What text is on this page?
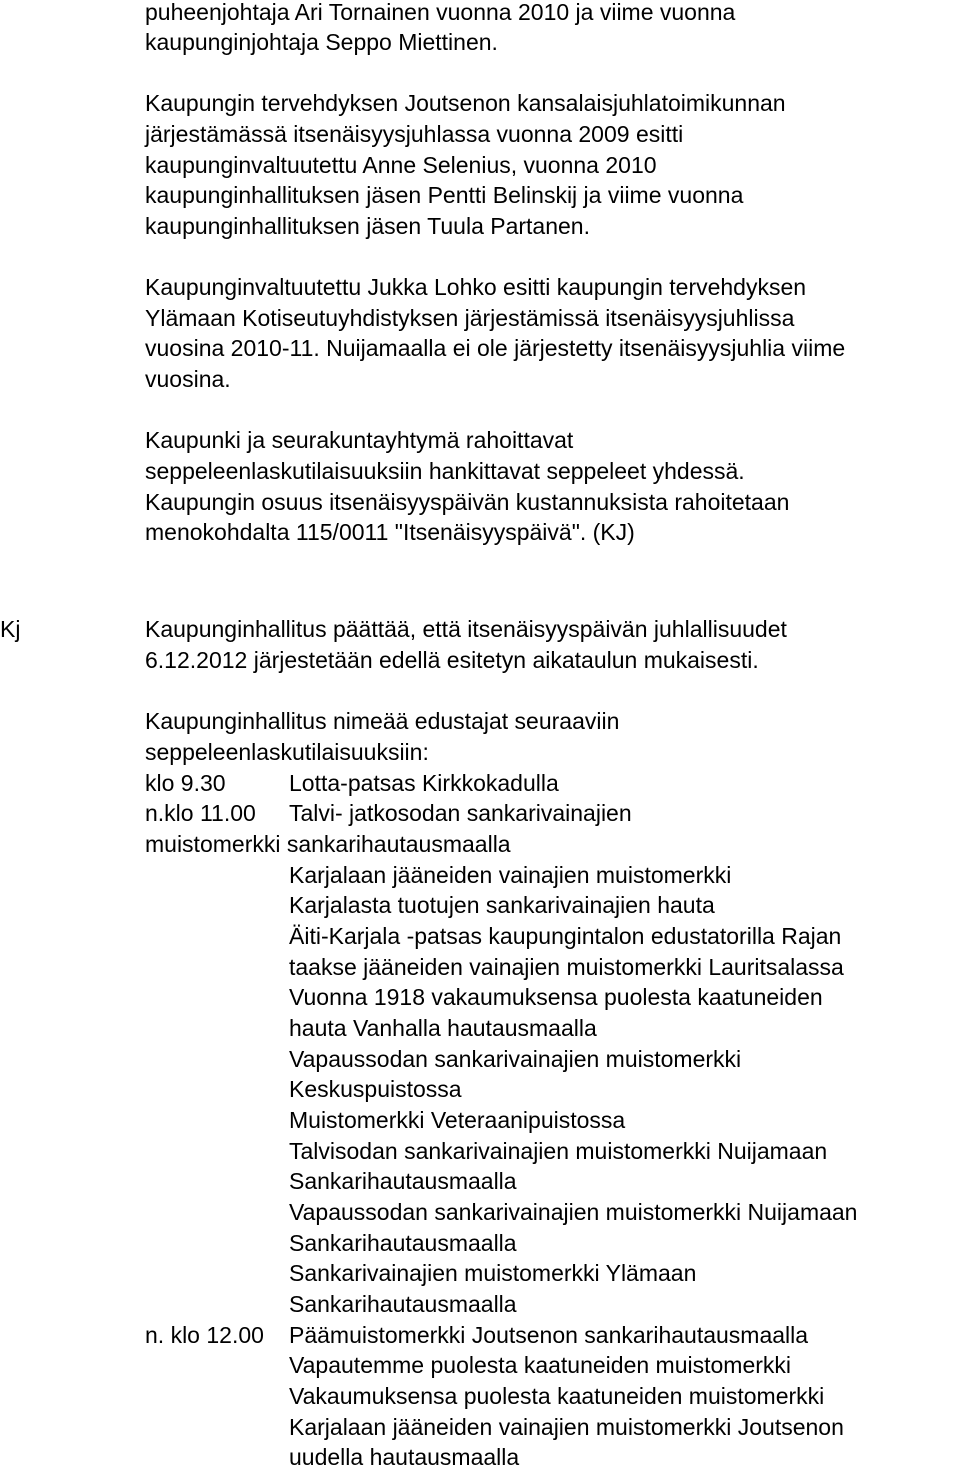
puheenjohtaja Ari Tornainen vuonna 2010 ja viime vuonna
kaupunginjohtaja Seppo Miettinen.
Kaupungin tervehdyksen Joutsenon kansalaisjuhlatoimikunnan
järjestämässä itsenäisyysjuhlassa vuonna 2009 esitti
kaupunginvaltuutettu Anne Selenius, vuonna 2010
kaupunginhallituksen jäsen Pentti Belinskij ja viime vuonna
kaupunginhallituksen jäsen Tuula Partanen.
Kaupunginvaltuutettu Jukka Lohko esitti kaupungin tervehdyksen
Ylämaan Kotiseutuyhdistyksen järjestämissä itsenäisyysjuhlissa
vuosina 2010-11. Nuijamaalla ei ole järjestetty itsenäisyysjuhlia viime
vuosina.
Kaupunki ja seurakuntayhtymä rahoittavat
seppeleenlaskutilaisuuksiin hankittavat seppeleet yhdessä.
Kaupungin osuus itsenäisyyspäivän kustannuksista rahoitetaan
menokohdalta 115/0011 "Itsenäisyyspäivä". (KJ)
Kj	Kaupunginhallitus päättää, että itsenäisyyspäivän juhlallisuudet
6.12.2012 järjestetään edellä esitetyn aikataulun mukaisesti.
Kaupunginhallitus nimeää edustajat seuraaviin
seppeleenlaskutilaisuuksiin:
klo 9.30	Lotta-patsas Kirkkokadulla
n.klo 11.00 Talvi- jatkosodan sankarivainajien
muistomerkki sankarihautausmaalla
Karjalaan jääneiden vainajien muistomerkki
Karjalasta tuotujen sankarivainajien hauta
Äiti-Karjala -patsas kaupungintalon edustatorilla Rajan
taakse jääneiden vainajien muistomerkki Lauritsalassa
Vuonna 1918 vakaumuksensa puolesta kaatuneiden
hauta Vanhalla hautausmaalla
Vapaussodan sankarivainajien muistomerkki
Keskuspuistossa
Muistomerkki Veteraanipuistossa
Talvisodan sankarivainajien muistomerkki Nuijamaan
Sankarihautausmaalla
Vapaussodan sankarivainajien muistomerkki Nuijamaan
Sankarihautausmaalla
Sankarivainajien muistomerkki Ylämaan
Sankarihautausmaalla
n. klo 12.00 Päämuistomerkki Joutsenon sankarihautausmaalla
Vapautemme puolesta kaatuneiden muistomerkki
Vakaumuksensa puolesta kaatuneiden muistomerkki
Karjalaan jääneiden vainajien muistomerkki Joutsenon
uudella hautausmaalla
